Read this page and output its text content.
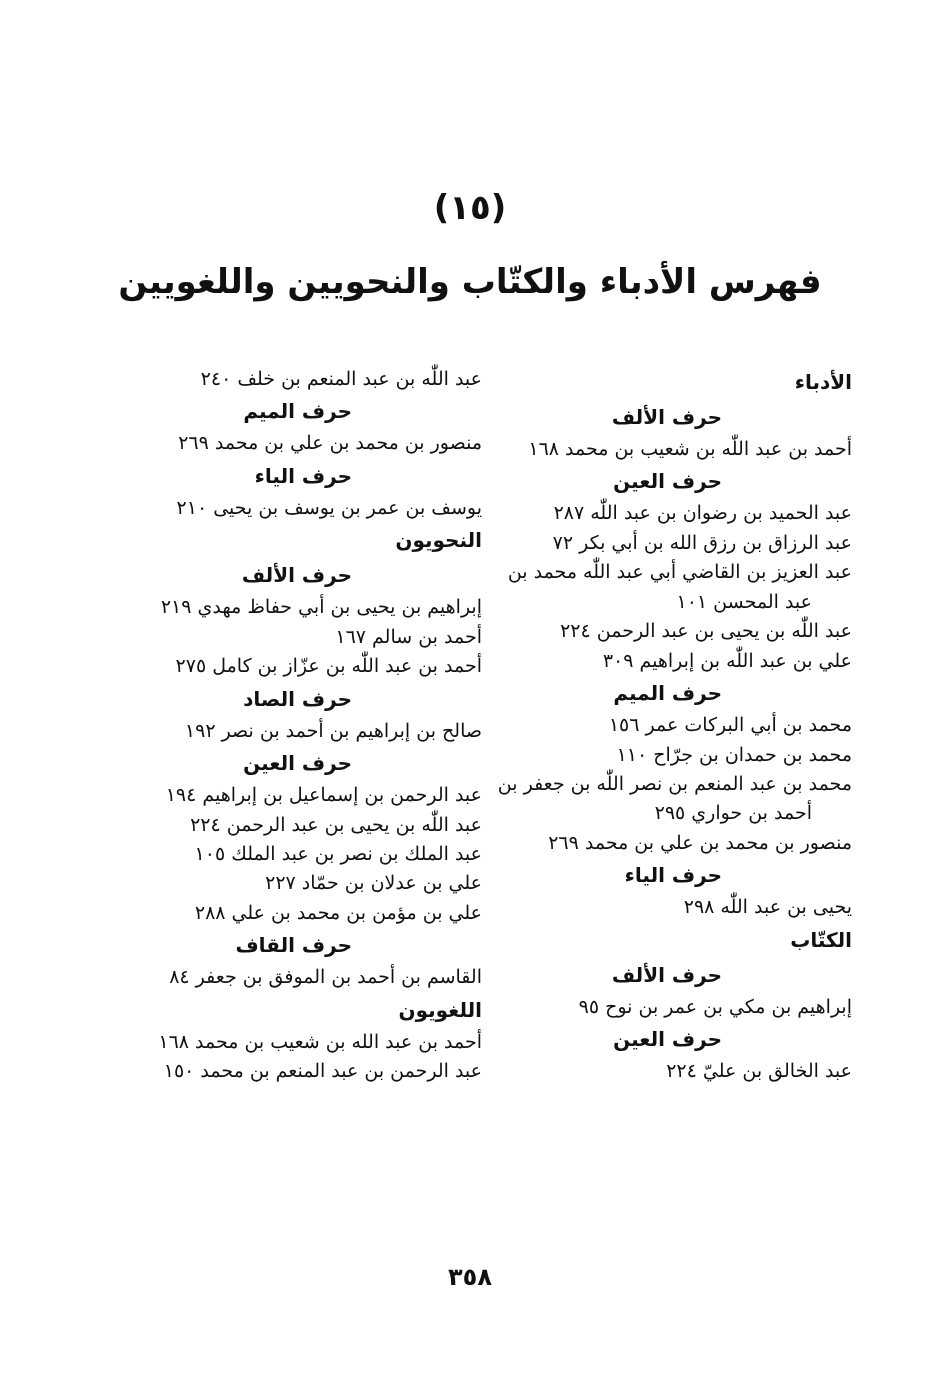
(١٥)
فهرس الأدباء والكتّاب والنحويين واللغويين
الأدباء
حرف الألف
أحمد بن عبد اللّٰه بن شعيب بن محمد ١٦٨
حرف العين
عبد الحميد بن رضوان بن عبد اللّٰه ٢٨٧
عبد الرزاق بن رزق الله بن أبي بكر ٧٢
عبد العزيز بن القاضي أبي عبد اللّٰه محمد بن
عبد المحسن ١٠١
عبد اللّٰه بن يحيى بن عبد الرحمن ٢٢٤
علي بن عبد اللّٰه بن إبراهيم ٣٠٩
حرف الميم
محمد بن أبي البركات عمر ١٥٦
محمد بن حمدان بن جرّاح ١١٠
محمد بن عبد المنعم بن نصر اللّٰه بن جعفر بن
أحمد بن حواري ٢٩٥
منصور بن محمد بن علي بن محمد ٢٦٩
حرف الياء
يحيى بن عبد اللّٰه ٢٩٨
الكتّاب
حرف الألف
إبراهيم بن مكي بن عمر بن نوح ٩٥
حرف العين
عبد الخالق بن عليّ ٢٢٤
عبد اللّٰه بن عبد المنعم بن خلف ٢٤٠
حرف الميم
منصور بن محمد بن علي بن محمد ٢٦٩
حرف الياء
يوسف بن عمر بن يوسف بن يحيى ٢١٠
النحويون
حرف الألف
إبراهيم بن يحيى بن أبي حفاظ مهدي ٢١٩
أحمد بن سالم ١٦٧
أحمد بن عبد اللّٰه بن عزّاز بن كامل ٢٧٥
حرف الصاد
صالح بن إبراهيم بن أحمد بن نصر ١٩٢
حرف العين
عبد الرحمن بن إسماعيل بن إبراهيم ١٩٤
عبد اللّٰه بن يحيى بن عبد الرحمن ٢٢٤
عبد الملك بن نصر بن عبد الملك ١٠٥
علي بن عدلان بن حمّاد ٢٢٧
علي بن مؤمن بن محمد بن علي ٢٨٨
حرف القاف
القاسم بن أحمد بن الموفق بن جعفر ٨٤
اللغويون
أحمد بن عبد الله بن شعيب بن محمد ١٦٨
عبد الرحمن بن عبد المنعم بن محمد ١٥٠
٣٥٨
